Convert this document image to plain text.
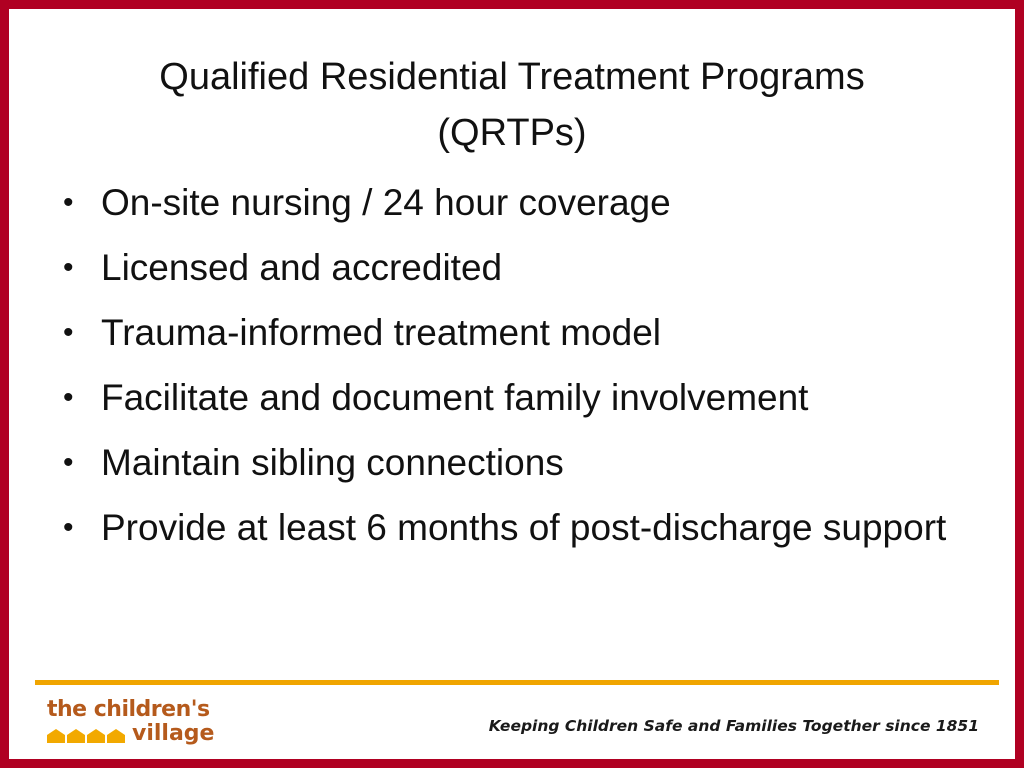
Qualified Residential Treatment Programs
(QRTPs)
• On-site nursing / 24 hour coverage
• Licensed and accredited
• Trauma-informed treatment model
• Facilitate and document family involvement
• Maintain sibling connections
• Provide at least 6 months of post-discharge support
the children's
village	Keeping Children Safe and Families Together since 1851
